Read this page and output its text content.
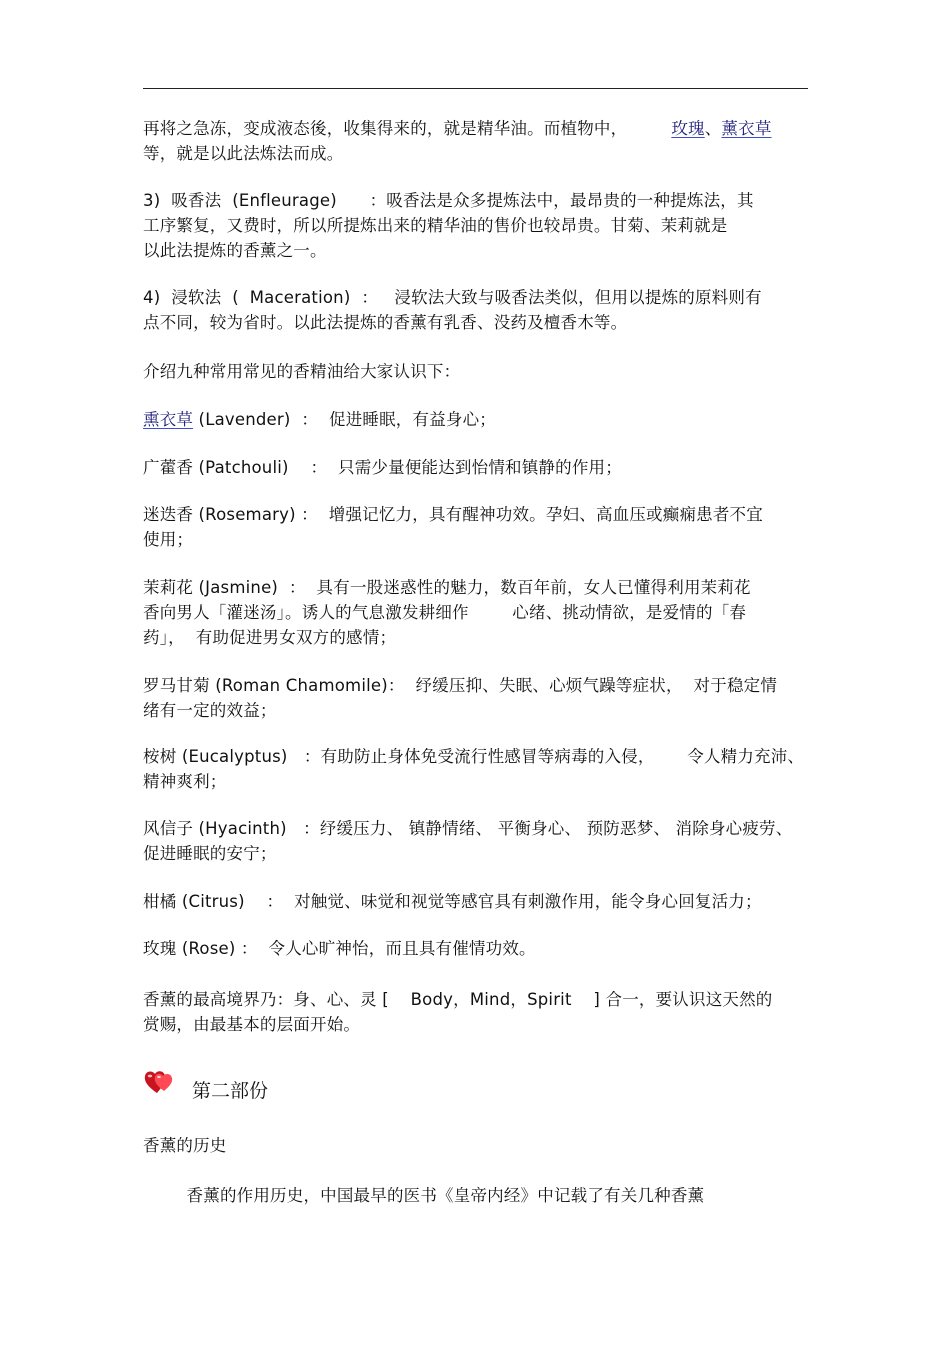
再将之急冻，变成液态後，收集得来的，就是精华油。而植物中，	玫瑰、薰衣草
等，就是以此法炼法而成。
3)  吸香法  (Enfleurage)      ：吸香法是众多提炼法中，最昂贵的一种提炼法，其
工序繁复，又费时，所以所提炼出来的精华油的售价也较昂贵。甘菊、茉莉就是
以此法提炼的香薰之一。
4)  浸软法  (  Maceration)  ：   浸软法大致与吸香法类似，但用以提炼的原料则有
点不同，较为省时。以此法提炼的香薰有乳香、没药及檀香木等。
介绍九种常用常见的香精油给大家认识下：
熏衣草 (Lavender)  ：  促进睡眠，有益身心；
广藿香 (Patchouli)    ：  只需少量便能达到怡情和镇静的作用；
迷迭香 (Rosemary) ：  增强记忆力，具有醒神功效。孕妇、高血压或癫痫患者不宜
使用；
茉莉花 (Jasmine)  ：  具有一股迷惑性的魅力，数百年前，女人已懂得利用茉莉花
香向男人「灌迷汤」。诱人的气息激发耕细作        心绪、挑动情欲，是爱情的「春
药」，  有助促进男女双方的感情；
罗马甘菊 (Roman Chamomile)：  纾缓压抑、失眠、心烦气躁等症状，  对于稳定情
绪有一定的效益；
桉树 (Eucalyptus)   ：有助防止身体免受流行性感冒等病毒的入侵，      令人精力充沛、
精神爽利；
风信子 (Hyacinth)   ：纾缓压力、 镇静情绪、 平衡身心、 预防恶梦、 消除身心疲劳、
促进睡眠的安宁；
柑橘 (Citrus)    ：  对触觉、味觉和视觉等感官具有刺激作用，能令身心回复活力；
玫瑰 (Rose) ：  令人心旷神怡，而且具有催情功效。
香薰的最高境界乃：身、心、灵 [    Body，Mind，Spirit    ] 合一，要认识这天然的
赏赐，由最基本的层面开始。
第二部份
香薰的历史
香薰的作用历史，中国最早的医书《皇帝内经》中记载了有关几种香薰
